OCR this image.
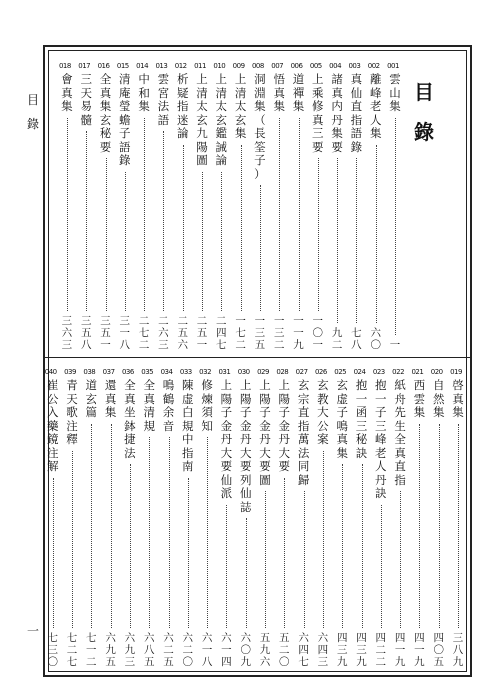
目 錄
一
目
錄
001
雲
山
集
一
002
離
峰
老
人
集
六
〇
003
真
仙
直
指
語
錄
七
八
004
諸
真
内
丹
集
要
九
二
005
上
乘
修
真
三
要
一
〇
一
006
道
禪
集
一
一
九
007
悟
真
集
一
三
二
008
洞
淵
集
（
長
筌
子
）
一
三
五
009
上
清
太
玄
集
一
七
二
010
上
清
太
玄
鑑
誡
論
二
四
七
011
上
清
太
玄
九
陽
圖
二
五
一
012
析
疑
指
迷
論
二
五
六
013
雲
宮
法
語
二
六
三
014
中
和
集
二
七
二
015
清
庵
瑩
蟾
子
語
錄
三
一
八
016
全
真
集
玄
秘
要
三
五
一
017
三
天
易
髓
三
五
八
018
會
真
集
三
六
三
019
啓
真
集
三
八
九
020
自
然
集
四
〇
五
021
西
雲
集
四
一
九
022
紙
舟
先
生
全
真
直
指
四
一
九
023
抱
一
子
三
峰
老
人
丹
訣
四
二
二
024
抱
一
函
三
秘
訣
四
三
九
025
玄
虚
子
鳴
真
集
四
三
九
026
玄
教
大
公
案
六
四
三
027
玄
宗
直
指
萬
法
同
歸
六
四
七
028
上
陽
子
金
丹
大
要
五
二
〇
029
上
陽
子
金
丹
大
要
圖
五
九
六
030
上
陽
子
金
丹
大
要
列
仙
誌
六
〇
九
031
上
陽
子
金
丹
大
要
仙
派
六
一
四
032
修
煉
須
知
六
一
八
033
陳
虚
白
規
中
指
南
六
二
〇
034
鳴
鶴
余
音
六
二
五
035
全
真
清
規
六
八
五
036
全
真
坐
鉢
捷
法
六
九
三
037
還
真
集
六
九
五
038
道
玄
篇
七
一
二
039
青
天
歌
注
釋
七
二
七
040
崔
公
入
藥
鏡
注
解
七
三
〇
